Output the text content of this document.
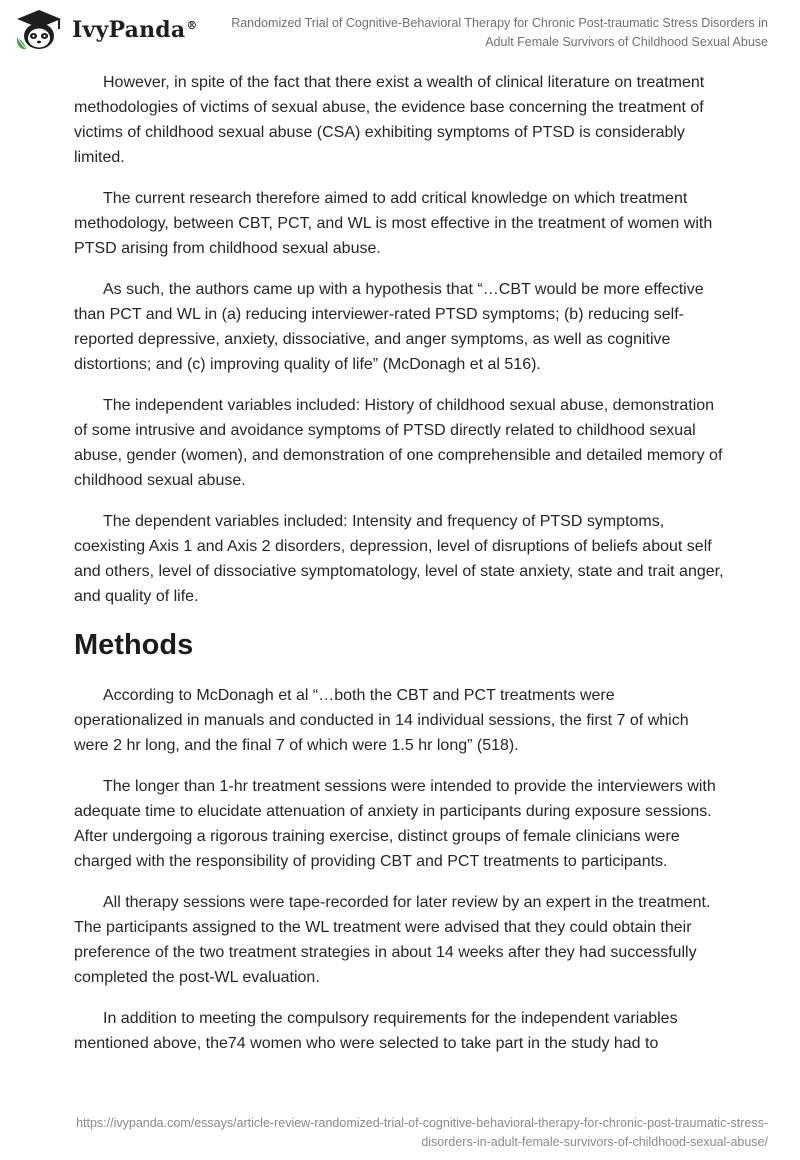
IvyPanda®	Randomized Trial of Cognitive-Behavioral Therapy for Chronic Post-traumatic Stress Disorders in
Adult Female Survivors of Childhood Sexual Abuse

However, in spite of the fact that there exist a wealth of clinical literature on treatment methodologies of victims of sexual abuse, the evidence base concerning the treatment of victims of childhood sexual abuse (CSA) exhibiting symptoms of PTSD is considerably limited.

The current research therefore aimed to add critical knowledge on which treatment methodology, between CBT, PCT, and WL is most effective in the treatment of women with PTSD arising from childhood sexual abuse.

As such, the authors came up with a hypothesis that “…CBT would be more effective than PCT and WL in (a) reducing interviewer-rated PTSD symptoms; (b) reducing self-reported depressive, anxiety, dissociative, and anger symptoms, as well as cognitive distortions; and (c) improving quality of life” (McDonagh et al 516).

The independent variables included: History of childhood sexual abuse, demonstration of some intrusive and avoidance symptoms of PTSD directly related to childhood sexual abuse, gender (women), and demonstration of one comprehensible and detailed memory of childhood sexual abuse.

The dependent variables included: Intensity and frequency of PTSD symptoms, coexisting Axis 1 and Axis 2 disorders, depression, level of disruptions of beliefs about self and others, level of dissociative symptomatology, level of state anxiety, state and trait anger, and quality of life.

Methods

According to McDonagh et al “…both the CBT and PCT treatments were operationalized in manuals and conducted in 14 individual sessions, the first 7 of which were 2 hr long, and the final 7 of which were 1.5 hr long” (518).

The longer than 1-hr treatment sessions were intended to provide the interviewers with adequate time to elucidate attenuation of anxiety in participants during exposure sessions. After undergoing a rigorous training exercise, distinct groups of female clinicians were charged with the responsibility of providing CBT and PCT treatments to participants.

All therapy sessions were tape-recorded for later review by an expert in the treatment. The participants assigned to the WL treatment were advised that they could obtain their preference of the two treatment strategies in about 14 weeks after they had successfully completed the post-WL evaluation.

In addition to meeting the compulsory requirements for the independent variables mentioned above, the74 women who were selected to take part in the study had to

https://ivypanda.com/essays/article-review-randomized-trial-of-cognitive-behavioral-therapy-for-chronic-post-traumatic-stress-
disorders-in-adult-female-survivors-of-childhood-sexual-abuse/
